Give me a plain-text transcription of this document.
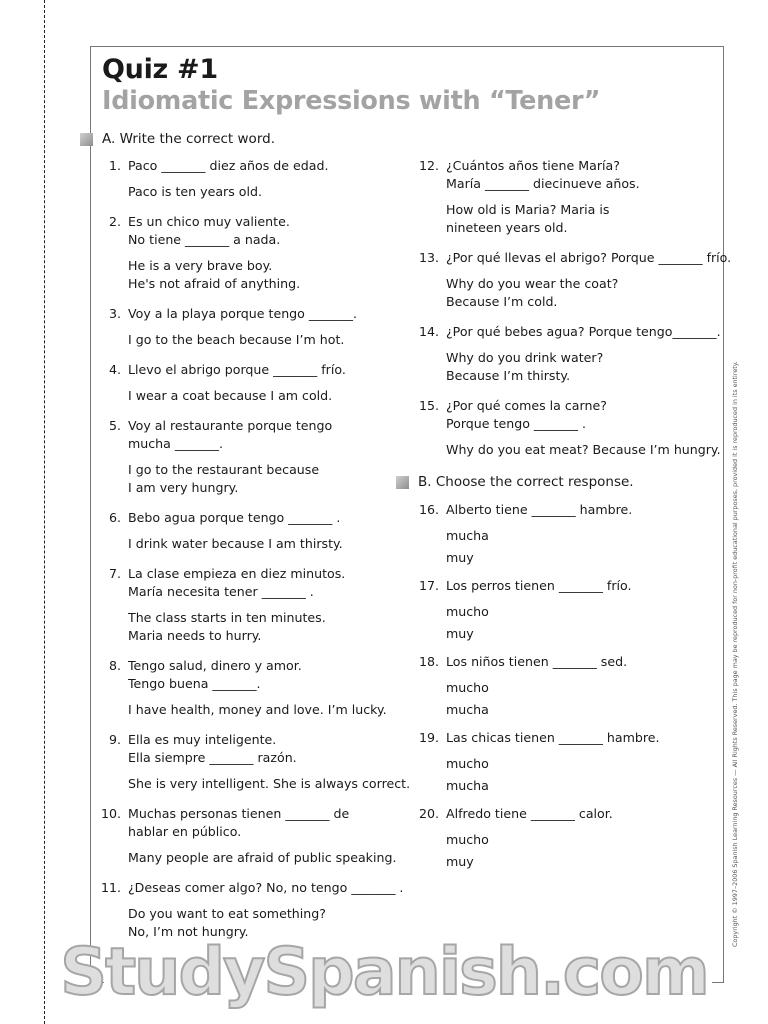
Quiz #1
Idiomatic Expressions with “Tener”
A. Write the correct word.
1. Paco _______ diez años de edad.
Paco is ten years old.
2. Es un chico muy valiente.
No tiene _______ a nada.
He is a very brave boy.
He's not afraid of anything.
3. Voy a la playa porque tengo _______.
I go to the beach because I’m hot.
4. Llevo el abrigo porque _______ frío.
I wear a coat because I am cold.
5. Voy al restaurante porque tengo
mucha _______.
I go to the restaurant because
I am very hungry.
6. Bebo agua porque tengo _______ .
I drink water because I am thirsty.
7. La clase empieza en diez minutos.
María necesita tener _______ .
The class starts in ten minutes.
Maria needs to hurry.
8. Tengo salud, dinero y amor.
Tengo buena _______.
I have health, money and love. I’m lucky.
9. Ella es muy inteligente.
Ella siempre _______ razón.
She is very intelligent. She is always correct.
10. Muchas personas tienen _______ de
hablar en público.
Many people are afraid of public speaking.
11. ¿Deseas comer algo? No, no tengo _______ .
Do you want to eat something?
No, I’m not hungry.
12. ¿Cuántos años tiene María?
María _______ diecinueve años.
How old is Maria? Maria is
nineteen years old.
13. ¿Por qué llevas el abrigo? Porque _______ frío.
Why do you wear the coat?
Because I’m cold.
14. ¿Por qué bebes agua? Porque tengo_______.
Why do you drink water?
Because I’m thirsty.
15. ¿Por qué comes la carne?
Porque tengo _______ .
Why do you eat meat? Because I’m hungry.
B. Choose the correct response.
16. Alberto tiene _______ hambre.
mucha
muy
17. Los perros tienen _______ frío.
mucho
muy
18. Los niños tienen _______ sed.
mucho
mucha
19. Las chicas tienen _______ hambre.
mucho
mucha
20. Alfredo tiene _______ calor.
mucho
muy	Copyright © 1997–2006 Spanish Learning Resources — All Rights Reserved. This page may be reproduced for non-profit educational purposes, provided it is reproduced in its entirety.
StudySpanish.com
